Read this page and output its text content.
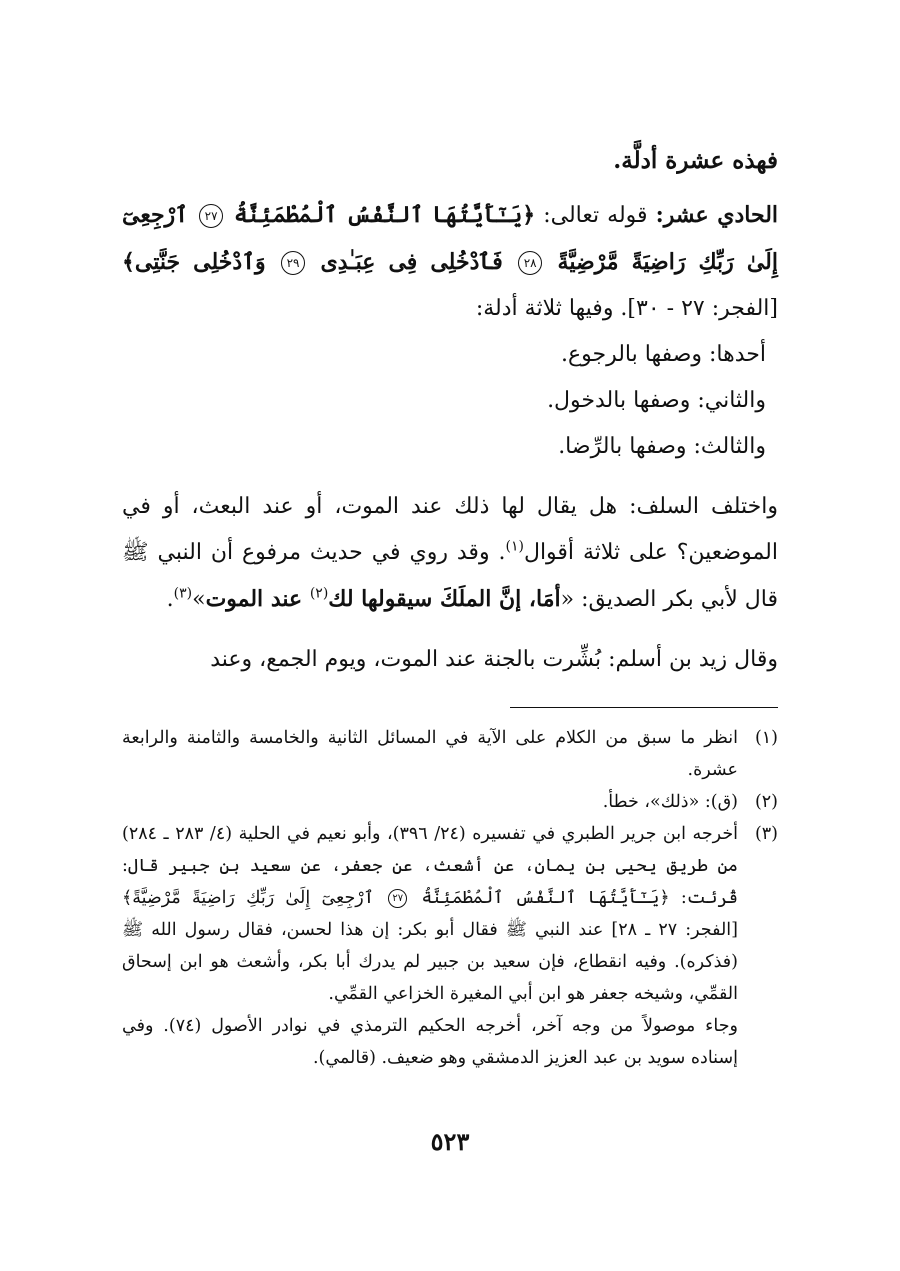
فهذه عشرة أدلَّة.

الحادي عشر: قوله تعالى: ﴿يَـٰٓأَيَّتُهَا ٱلنَّفْسُ ٱلْمُطْمَئِنَّةُ ٢٧ ٱرْجِعِىٓ إِلَىٰ رَبِّكِ رَاضِيَةً مَّرْضِيَّةً ٢٨ فَٱدْخُلِى فِى عِبَـٰدِى ٢٩ وَٱدْخُلِى جَنَّتِى﴾ [الفجر: ٢٧ - ٣٠]. وفيها ثلاثة أدلة:

أحدها: وصفها بالرجوع.

والثاني: وصفها بالدخول.

والثالث: وصفها بالرِّضا.

واختلف السلف: هل يقال لها ذلك عند الموت، أو عند البعث، أو في الموضعين؟ على ثلاثة أقوال$^{(١)}$. وقد روي في حديث مرفوع أن النبي ﷺ قال لأبي بكر الصديق: «أمَا، إنَّ الملَكَ سيقولها لك$^{(٢)}$ عند الموت»$^{(٣)}$.

وقال زيد بن أسلم: بُشِّرت بالجنة عند الموت، ويوم الجمع، وعند

(١)
انظر ما سبق من الكلام على الآية في المسائل الثانية والخامسة والثامنة والرابعة عشرة.

(٢)
(ق): «ذلك»، خطأ.

(٣)
أخرجه ابن جرير الطبري في تفسيره (٢٤/ ٣٩٦)، وأبو نعيم في الحلية (٤/ ٢٨٣ ـ ٢٨٤) من طريق يحيى بن يمان، عن أشعث، عن جعفر، عن سعيد بن جبير قال: قُرئت: ﴿يَـٰٓأَيَّتُهَا ٱلنَّفْسُ ٱلْمُطْمَئِنَّةُ ٢٧ ٱرْجِعِىٓ إِلَىٰ رَبِّكِ رَاضِيَةً مَّرْضِيَّةً﴾ [الفجر: ٢٧ ـ ٢٨] عند النبي ﷺ فقال أبو بكر: إن هذا لحسن، فقال رسول الله ﷺ (فذكره). وفيه انقطاع، فإن سعيد بن جبير لم يدرك أبا بكر، وأشعث هو ابن إسحاق القمِّي، وشيخه جعفر هو ابن أبي المغيرة الخزاعي القمِّي.

وجاء موصولاً من وجه آخر، أخرجه الحكيم الترمذي في نوادر الأصول (٧٤). وفي إسناده سويد بن عبد العزيز الدمشقي وهو ضعيف. (قالمي).

٥٢٣
